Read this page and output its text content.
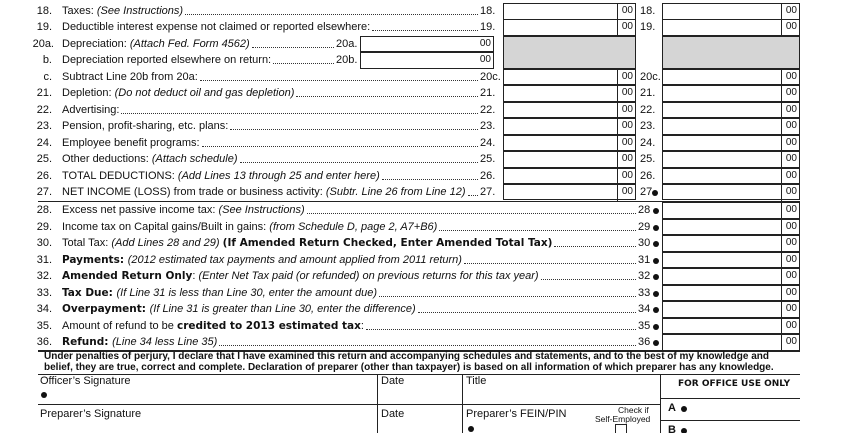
18. Taxes: (See Instructions)	18.	00 18.	00
19. Deductible interest expense not claimed or reported elsewhere:	19.	00 19.	00
20a. Depreciation: (Attach Fed. Form 4562)	20a.	00
b. Depreciation reported elsewhere on return:	20b.	00
c. Subtract Line 20b from 20a:	20c.	00 20c.	00
21. Depletion: (Do not deduct oil and gas depletion)	21.	00 21.	00
22. Advertising:	22.	00 22.	00
23. Pension, profit-sharing, etc. plans:	23.	00 23.	00
24. Employee benefit programs:	24.	00 24.	00
25. Other deductions: (Attach schedule)	25.	00 25.	00
26. TOTAL DEDUCTIONS: (Add Lines 13 through 25 and enter here)	26.	00 26.	00
27. NET INCOME (LOSS) from trade or business activity: (Subtr. Line 26 from Line 12) 27.	00 27	00
28. Excess net passive income tax: (See Instructions)	28	00
29. Income tax on Capital gains/Built in gains: (from Schedule D, page 2, A7+B6)	29	00
30. Total Tax: (Add Lines 28 and 29) (If Amended Return Checked, Enter Amended Total Tax)	30	00
31. Payments: (2012 estimated tax payments and amount applied from 2011 return)	31	00
32. Amended Return Only: (Enter Net Tax paid (or refunded) on previous returns for this tax year)	32	00
33. Tax Due: (If Line 31 is less than Line 30, enter the amount due)	33	00
34. Overpayment: (If Line 31 is greater than Line 30, enter the difference)	34	00
35. Amount of refund to be credited to 2013 estimated tax:	35	00
36. Refund: (Line 34 less Line 35)	36	00
Under penalties of perjury, I declare that I have examined this return and accompanying schedules and statements, and to the best of my knowledge and belief, they are true, correct and complete. Declaration of preparer (other than taxpayer) is based on all information of which preparer has any knowledge.
Officer’s Signature	Date	Title	FOR OFFICE USE ONLY
Preparer’s Signature	Date	Preparer’s FEIN/PIN	Check if
Self-Employed
A
B
